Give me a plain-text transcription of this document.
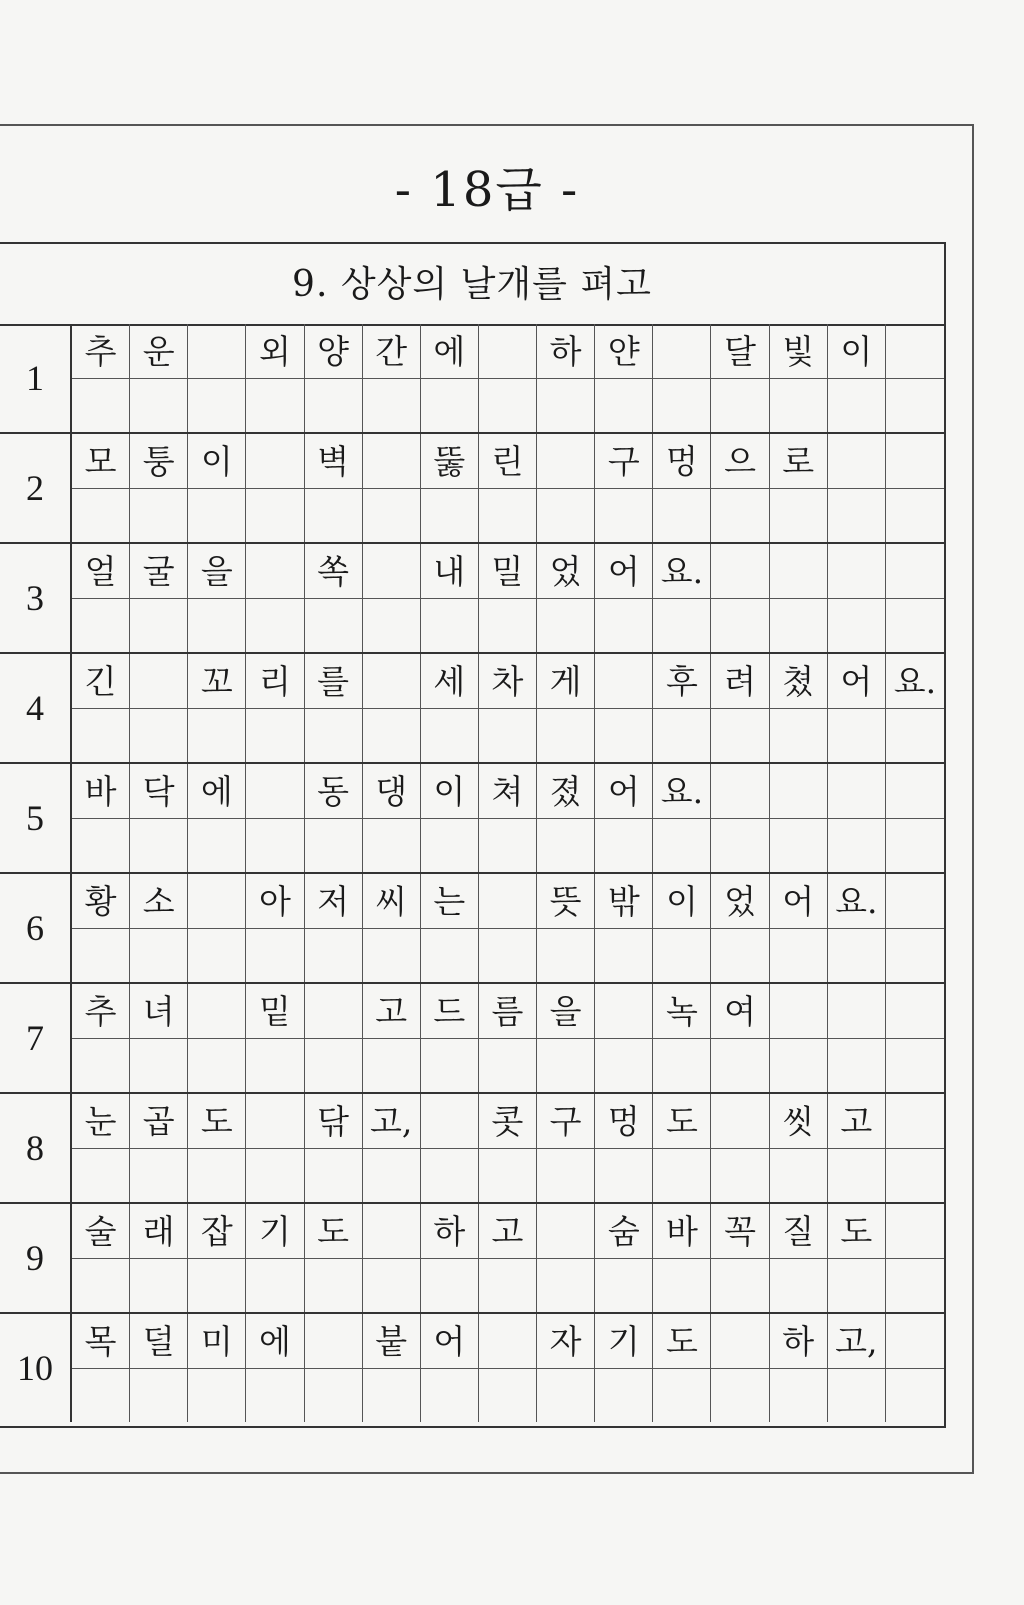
- 18급 -
9. 상상의 날개를 펴고
1
추 운	외 양 간 에	하 얀	달 빛 이
2
모 퉁 이	벽	뚫 린	구 멍 으 로
3
얼 굴 을	쏙	내 밀 었 어 요.
4
긴	꼬 리 를	세 차 게	후 려 쳤 어 요.
5
바 닥 에	동 댕 이 쳐 졌 어 요.
6
황 소	아 저 씨 는	뜻 밖 이 었 어 요.
7
추 녀	밑	고 드 름 을	녹 여
8
눈 곱 도	닦 고,	콧 구 멍 도	씻 고
9
술 래 잡 기 도	하 고	숨 바 꼭 질 도
10
목 덜 미 에	붙 어	자 기 도	하 고,
